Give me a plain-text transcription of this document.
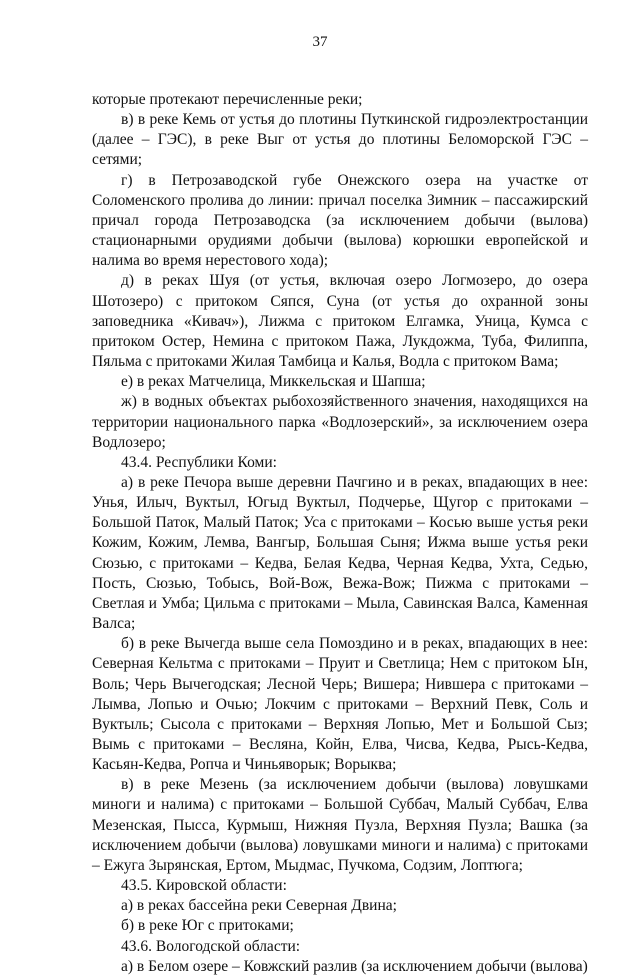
37

которые протекают перечисленные реки;

в) в реке Кемь от устья до плотины Путкинской гидроэлектростанции (далее – ГЭС), в реке Выг от устья до плотины Беломорской ГЭС – сетями;

г) в Петрозаводской губе Онежского озера на участке от Соломенского пролива до линии: причал поселка Зимник – пассажирский причал города Петрозаводска (за исключением добычи (вылова) стационарными орудиями добычи (вылова) корюшки европейской и налима во время нерестового хода);

д) в реках Шуя (от устья, включая озеро Логмозеро, до озера Шотозеро) с притоком Сяпся, Суна (от устья до охранной зоны заповедника «Кивач»), Лижма с притоком Елгамка, Уница, Кумса с притоком Остер, Немина с притоком Пажа, Лукдожма, Туба, Филиппа, Пяльма с притоками Жилая Тамбица и Калья, Водла с притоком Вама;

е) в реках Матчелица, Миккельская и Шапша;

ж) в водных объектах рыбохозяйственного значения, находящихся на территории национального парка «Водлозерский», за исключением озера Водлозеро;

43.4. Республики Коми:

а) в реке Печора выше деревни Пачгино и в реках, впадающих в нее: Унья, Илыч, Вуктыл, Югыд Вуктыл, Подчерье, Щугор с притоками – Большой Паток, Малый Паток; Уса с притоками – Косью выше устья реки Кожим, Кожим, Лемва, Вангыр, Большая Сыня; Ижма выше устья реки Сюзью, с притоками – Кедва, Белая Кедва, Черная Кедва, Ухта, Седью, Пость, Сюзью, Тобысь, Вой-Вож, Вежа-Вож; Пижма с притоками – Светлая и Умба; Цильма с притоками – Мыла, Савинская Валса, Каменная Валса;

б) в реке Вычегда выше села Помоздино и в реках, впадающих в нее: Северная Кельтма с притоками – Пруит и Светлица; Нем с притоком Ын, Воль; Черь Вычегодская; Лесной Черь; Вишера; Нившера с притоками – Лымва, Лопью и Очью; Локчим с притоками – Верхний Певк, Соль и Вуктыль; Сысола с притоками – Верхняя Лопью, Мет и Большой Сыз; Вымь с притоками – Весляна, Койн, Елва, Чисва, Кедва, Рысь-Кедва, Касьян-Кедва, Ропча и Чиньяворык; Ворыква;

в) в реке Мезень (за исключением добычи (вылова) ловушками миноги и налима) с притоками – Большой Суббач, Малый Суббач, Елва Мезенская, Пысса, Курмыш, Нижняя Пузла, Верхняя Пузла; Вашка (за исключением добычи (вылова) ловушками миноги и налима) с притоками – Ежуга Зырянская, Ертом, Мыдмас, Пучкома, Содзим, Лоптюга;

43.5. Кировской области:

а) в реках бассейна реки Северная Двина;

б) в реке Юг с притоками;

43.6. Вологодской области:

а) в Белом озере – Ковжский разлив (за исключением добычи (вылова)
